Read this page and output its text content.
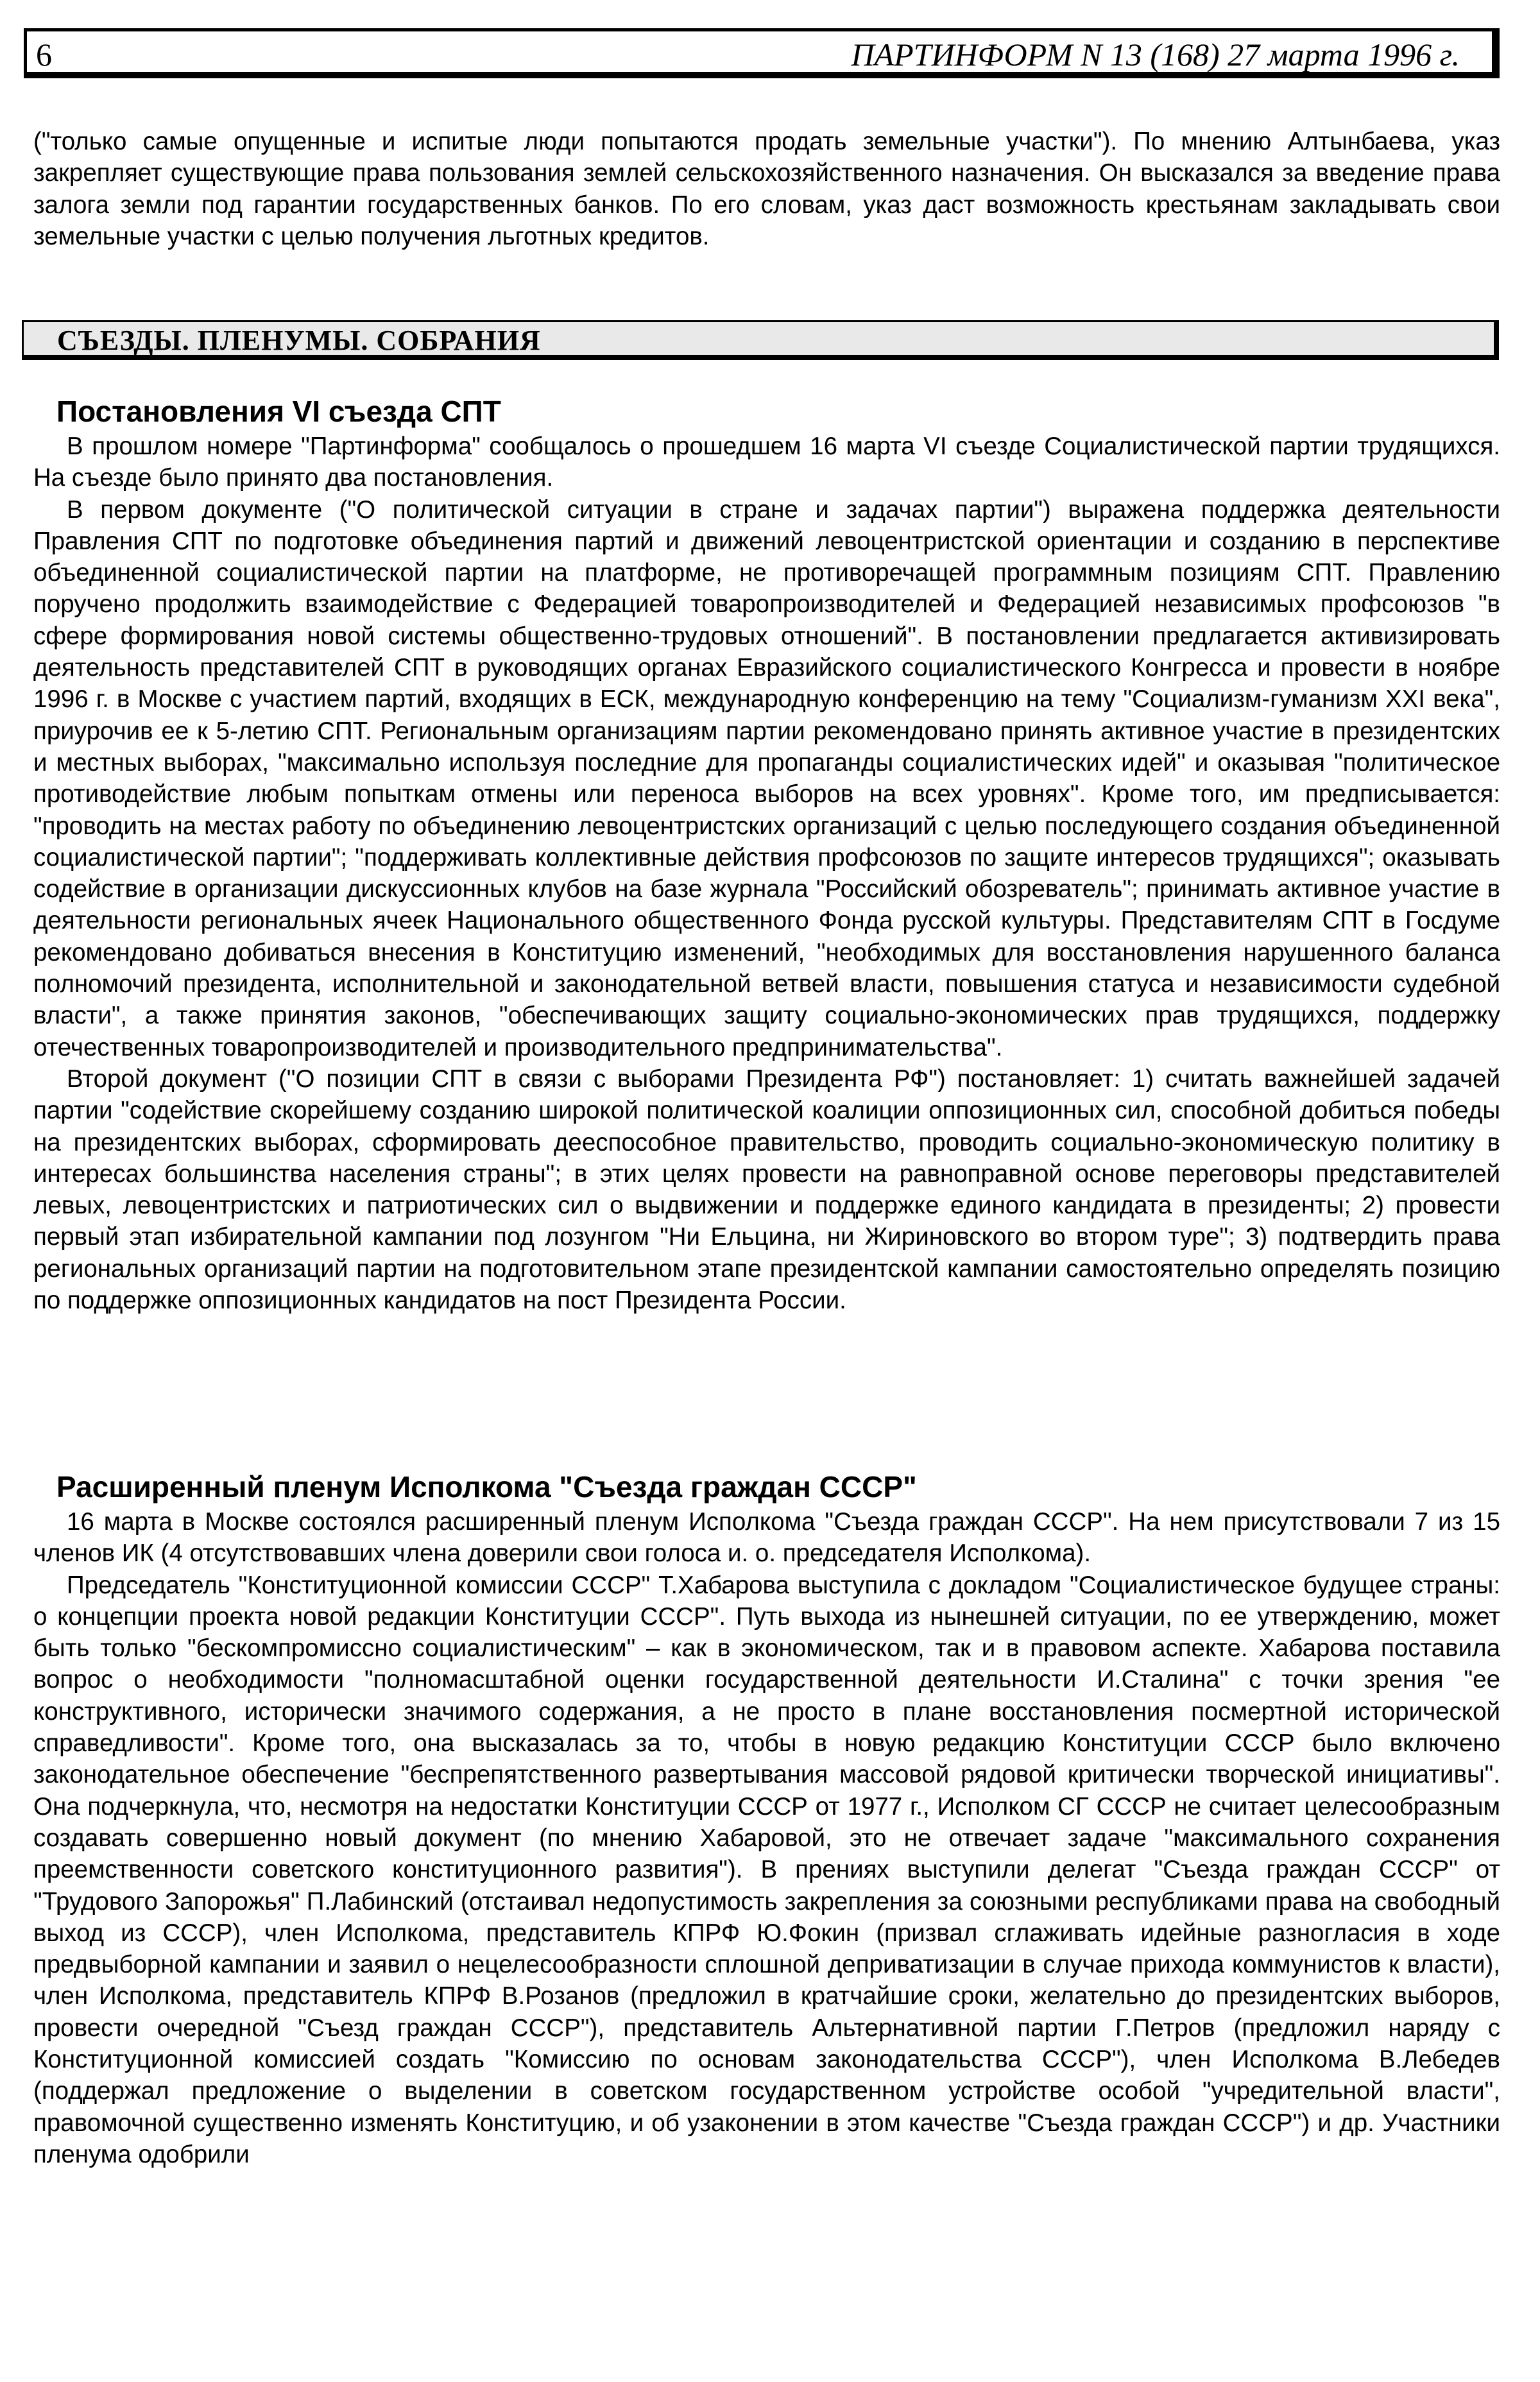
6	ПАРТИНФОРМ N 13 (168) 27 марта 1996 г.

("только самые опущенные и испитые люди попытаются продать земельные участки"). По мнению Алтынбаева, указ закрепляет существующие права пользования землей сельскохозяйственного назначения. Он высказался за введение права залога земли под гарантии государственных банков. По его словам, указ даст возможность крестьянам закладывать свои земельные участки с целью получения льготных кредитов.

СЪЕЗДЫ. ПЛЕНУМЫ. СОБРАНИЯ
Постановления VI съезда СПТ

В прошлом номере "Партинформа" сообщалось о прошедшем 16 марта VI съезде Социалистической партии трудящихся. На съезде было принято два постановления.

В первом документе ("О политической ситуации в стране и задачах партии") выражена поддержка деятельности Правления СПТ по подготовке объединения партий и движений левоцентристской ориентации и созданию в перспективе объединенной социалистической партии на платформе, не противоречащей программным позициям СПТ. Правлению поручено продолжить взаимодействие с Федерацией товаропроизводителей и Федерацией независимых профсоюзов "в сфере формирования новой системы общественно-трудовых отношений". В постановлении предлагается активизировать деятельность представителей СПТ в руководящих органах Евразийского социалистического Конгресса и провести в ноябре 1996 г. в Москве с участием партий, входящих в ЕСК, международную конференцию на тему "Социализм-гуманизм XXI века", приурочив ее к 5-летию СПТ. Региональным организациям партии рекомендовано принять активное участие в президентских и местных выборах, "максимально используя последние для пропаганды социалистических идей" и оказывая "политическое противодействие любым попыткам отмены или переноса выборов на всех уровнях". Кроме того, им предписывается: "проводить на местах работу по объединению левоцентристских организаций с целью последующего создания объединенной социалистической партии"; "поддерживать коллективные действия профсоюзов по защите интересов трудящихся"; оказывать содействие в организации дискуссионных клубов на базе журнала "Российский обозреватель"; принимать активное участие в деятельности региональных ячеек Национального общественного Фонда русской культуры. Представителям СПТ в Госдуме рекомендовано добиваться внесения в Конституцию изменений, "необходимых для восстановления нарушенного баланса полномочий президента, исполнительной и законодательной ветвей власти, повышения статуса и независимости судебной власти", а также принятия законов, "обеспечивающих защиту социально-экономических прав трудящихся, поддержку отечественных товаропроизводителей и производительного предпринимательства".

Второй документ ("О позиции СПТ в связи с выборами Президента РФ") постановляет: 1) считать важнейшей задачей партии "содействие скорейшему созданию широкой политической коалиции оппозиционных сил, способной добиться победы на президентских выборах, сформировать дееспособное правительство, проводить социально-экономическую политику в интересах большинства населения страны"; в этих целях провести на равноправной основе переговоры представителей левых, левоцентристских и патриотических сил о выдвижении и поддержке единого кандидата в президенты; 2) провести первый этап избирательной кампании под лозунгом "Ни Ельцина, ни Жириновского во втором туре"; 3) подтвердить права региональных организаций партии на подготовительном этапе президентской кампании самостоятельно определять позицию по поддержке оппозиционных кандидатов на пост Президента России.

Расширенный пленум Исполкома "Съезда граждан СССР"

16 марта в Москве состоялся расширенный пленум Исполкома "Съезда граждан СССР". На нем присутствовали 7 из 15 членов ИК (4 отсутствовавших члена доверили свои голоса и. о. председателя Исполкома).

Председатель "Конституционной комиссии СССР" Т.Хабарова выступила с докладом "Социалистическое будущее страны: о концепции проекта новой редакции Конституции СССР". Путь выхода из нынешней ситуации, по ее утверждению, может быть только "бескомпромиссно социалистическим" – как в экономическом, так и в правовом аспекте. Хабарова поставила вопрос о необходимости "полномасштабной оценки государственной деятельности И.Сталина" с точки зрения "ее конструктивного, исторически значимого содержания, а не просто в плане восстановления посмертной исторической справедливости". Кроме того, она высказалась за то, чтобы в новую редакцию Конституции СССР было включено законодательное обеспечение "беспрепятственного развертывания массовой рядовой критически творческой инициативы". Она подчеркнула, что, несмотря на недостатки Конституции СССР от 1977 г., Исполком СГ СССР не считает целесообразным создавать совершенно новый документ (по мнению Хабаровой, это не отвечает задаче "максимального сохранения преемственности советского конституционного развития"). В прениях выступили делегат "Съезда граждан СССР" от "Трудового Запорожья" П.Лабинский (отстаивал недопустимость закрепления за союзными республиками права на свободный выход из СССР), член Исполкома, представитель КПРФ Ю.Фокин (призвал сглаживать идейные разногласия в ходе предвыборной кампании и заявил о нецелесообразности сплошной деприватизации в случае прихода коммунистов к власти), член Исполкома, представитель КПРФ В.Розанов (предложил в кратчайшие сроки, желательно до президентских выборов, провести очередной "Съезд граждан СССР"), представитель Альтернативной партии Г.Петров (предложил наряду с Конституционной комиссией создать "Комиссию по основам законодательства СССР"), член Исполкома В.Лебедев (поддержал предложение о выделении в советском государственном устройстве особой "учредительной власти", правомочной существенно изменять Конституцию, и об узаконении в этом качестве "Съезда граждан СССР") и др. Участники пленума одобрили
